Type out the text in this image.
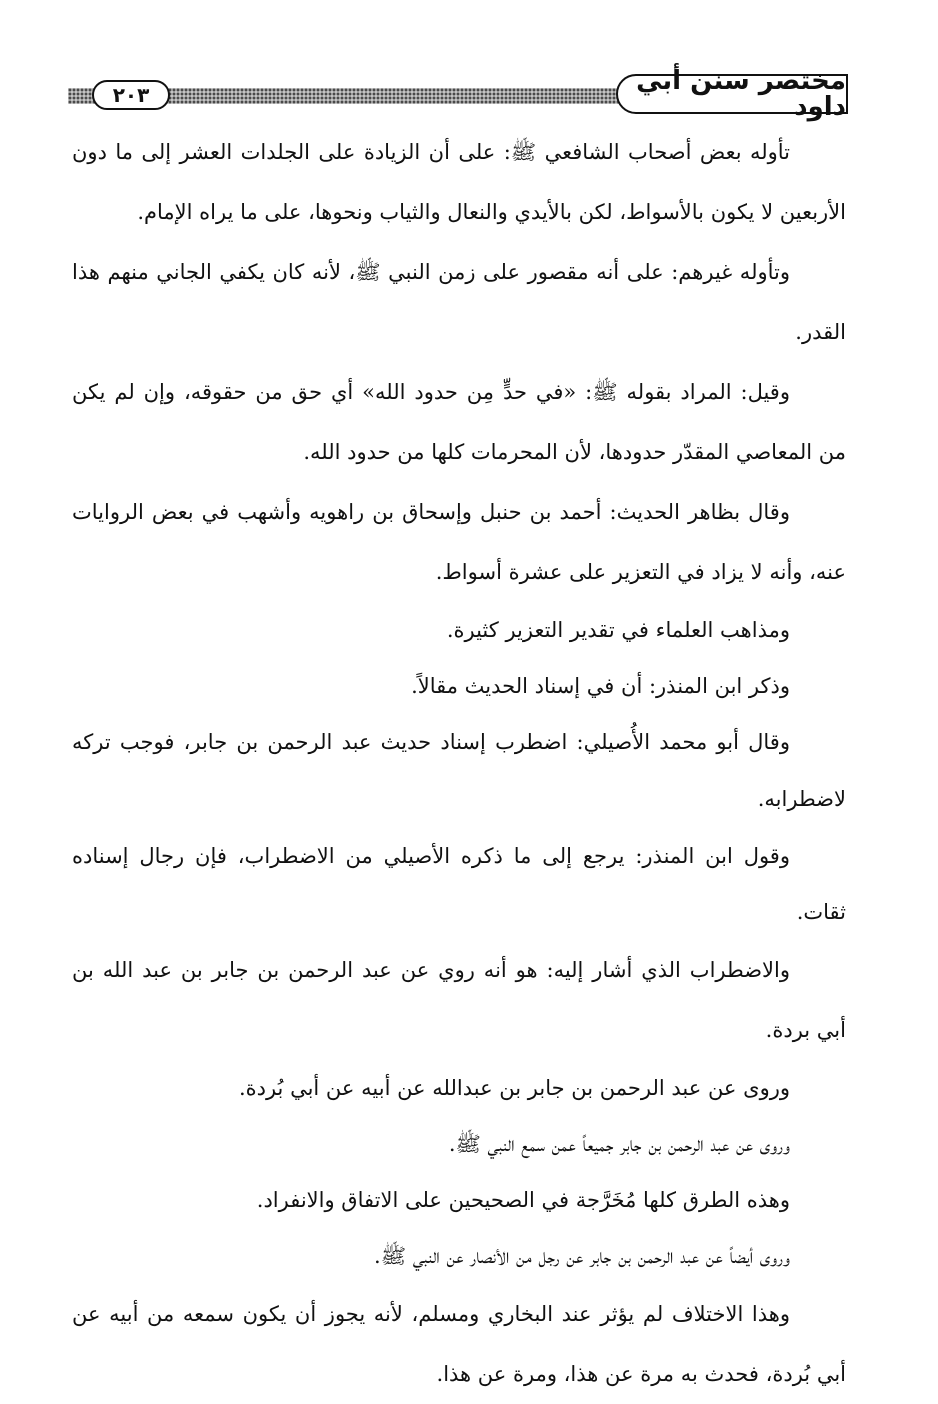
مختصر سنن أبي داود
٢٠٣

تأوله بعض أصحاب الشافعي ﷺ: على أن الزيادة على الجلدات العشر إلى ما دون الأربعين لا يكون بالأسواط، لكن بالأيدي والنعال والثياب ونحوها، على ما يراه الإمام.

وتأوله غيرهم: على أنه مقصور على زمن النبي ﷺ، لأنه كان يكفي الجاني منهم هذا القدر.

وقيل: المراد بقوله ﷺ: «في حدٍّ مِن حدود الله» أي حق من حقوقه، وإن لم يكن من المعاصي المقدّر حدودها، لأن المحرمات كلها من حدود الله.

وقال بظاهر الحديث: أحمد بن حنبل وإسحاق بن راهويه وأشهب في بعض الروايات عنه، وأنه لا يزاد في التعزير على عشرة أسواط.

ومذاهب العلماء في تقدير التعزير كثيرة.

وذكر ابن المنذر: أن في إسناد الحديث مقالاً.

وقال أبو محمد الأُصيلي: اضطرب إسناد حديث عبد الرحمن بن جابر، فوجب تركه لاضطرابه.

وقول ابن المنذر: يرجع إلى ما ذكره الأصيلي من الاضطراب، فإن رجال إسناده ثقات.

والاضطراب الذي أشار إليه: هو أنه روي عن عبد الرحمن بن جابر بن عبد الله بن أبي بردة.

وروى عن عبد الرحمن بن جابر بن عبدالله عن أبيه عن أبي بُردة.

وروى عن عبد الرحمن بن جابر جميعاً عمن سمع النبي ﷺ.

وهذه الطرق كلها مُخَرَّجة في الصحيحين على الاتفاق والانفراد.

وروى أيضاً عن عبد الرحمن بن جابر عن رجل من الأنصار عن النبي ﷺ.

وهذا الاختلاف لم يؤثر عند البخاري ومسلم، لأنه يجوز أن يكون سمعه من أبيه عن أبي بُردة، فحدث به مرة عن هذا، ومرة عن هذا.
